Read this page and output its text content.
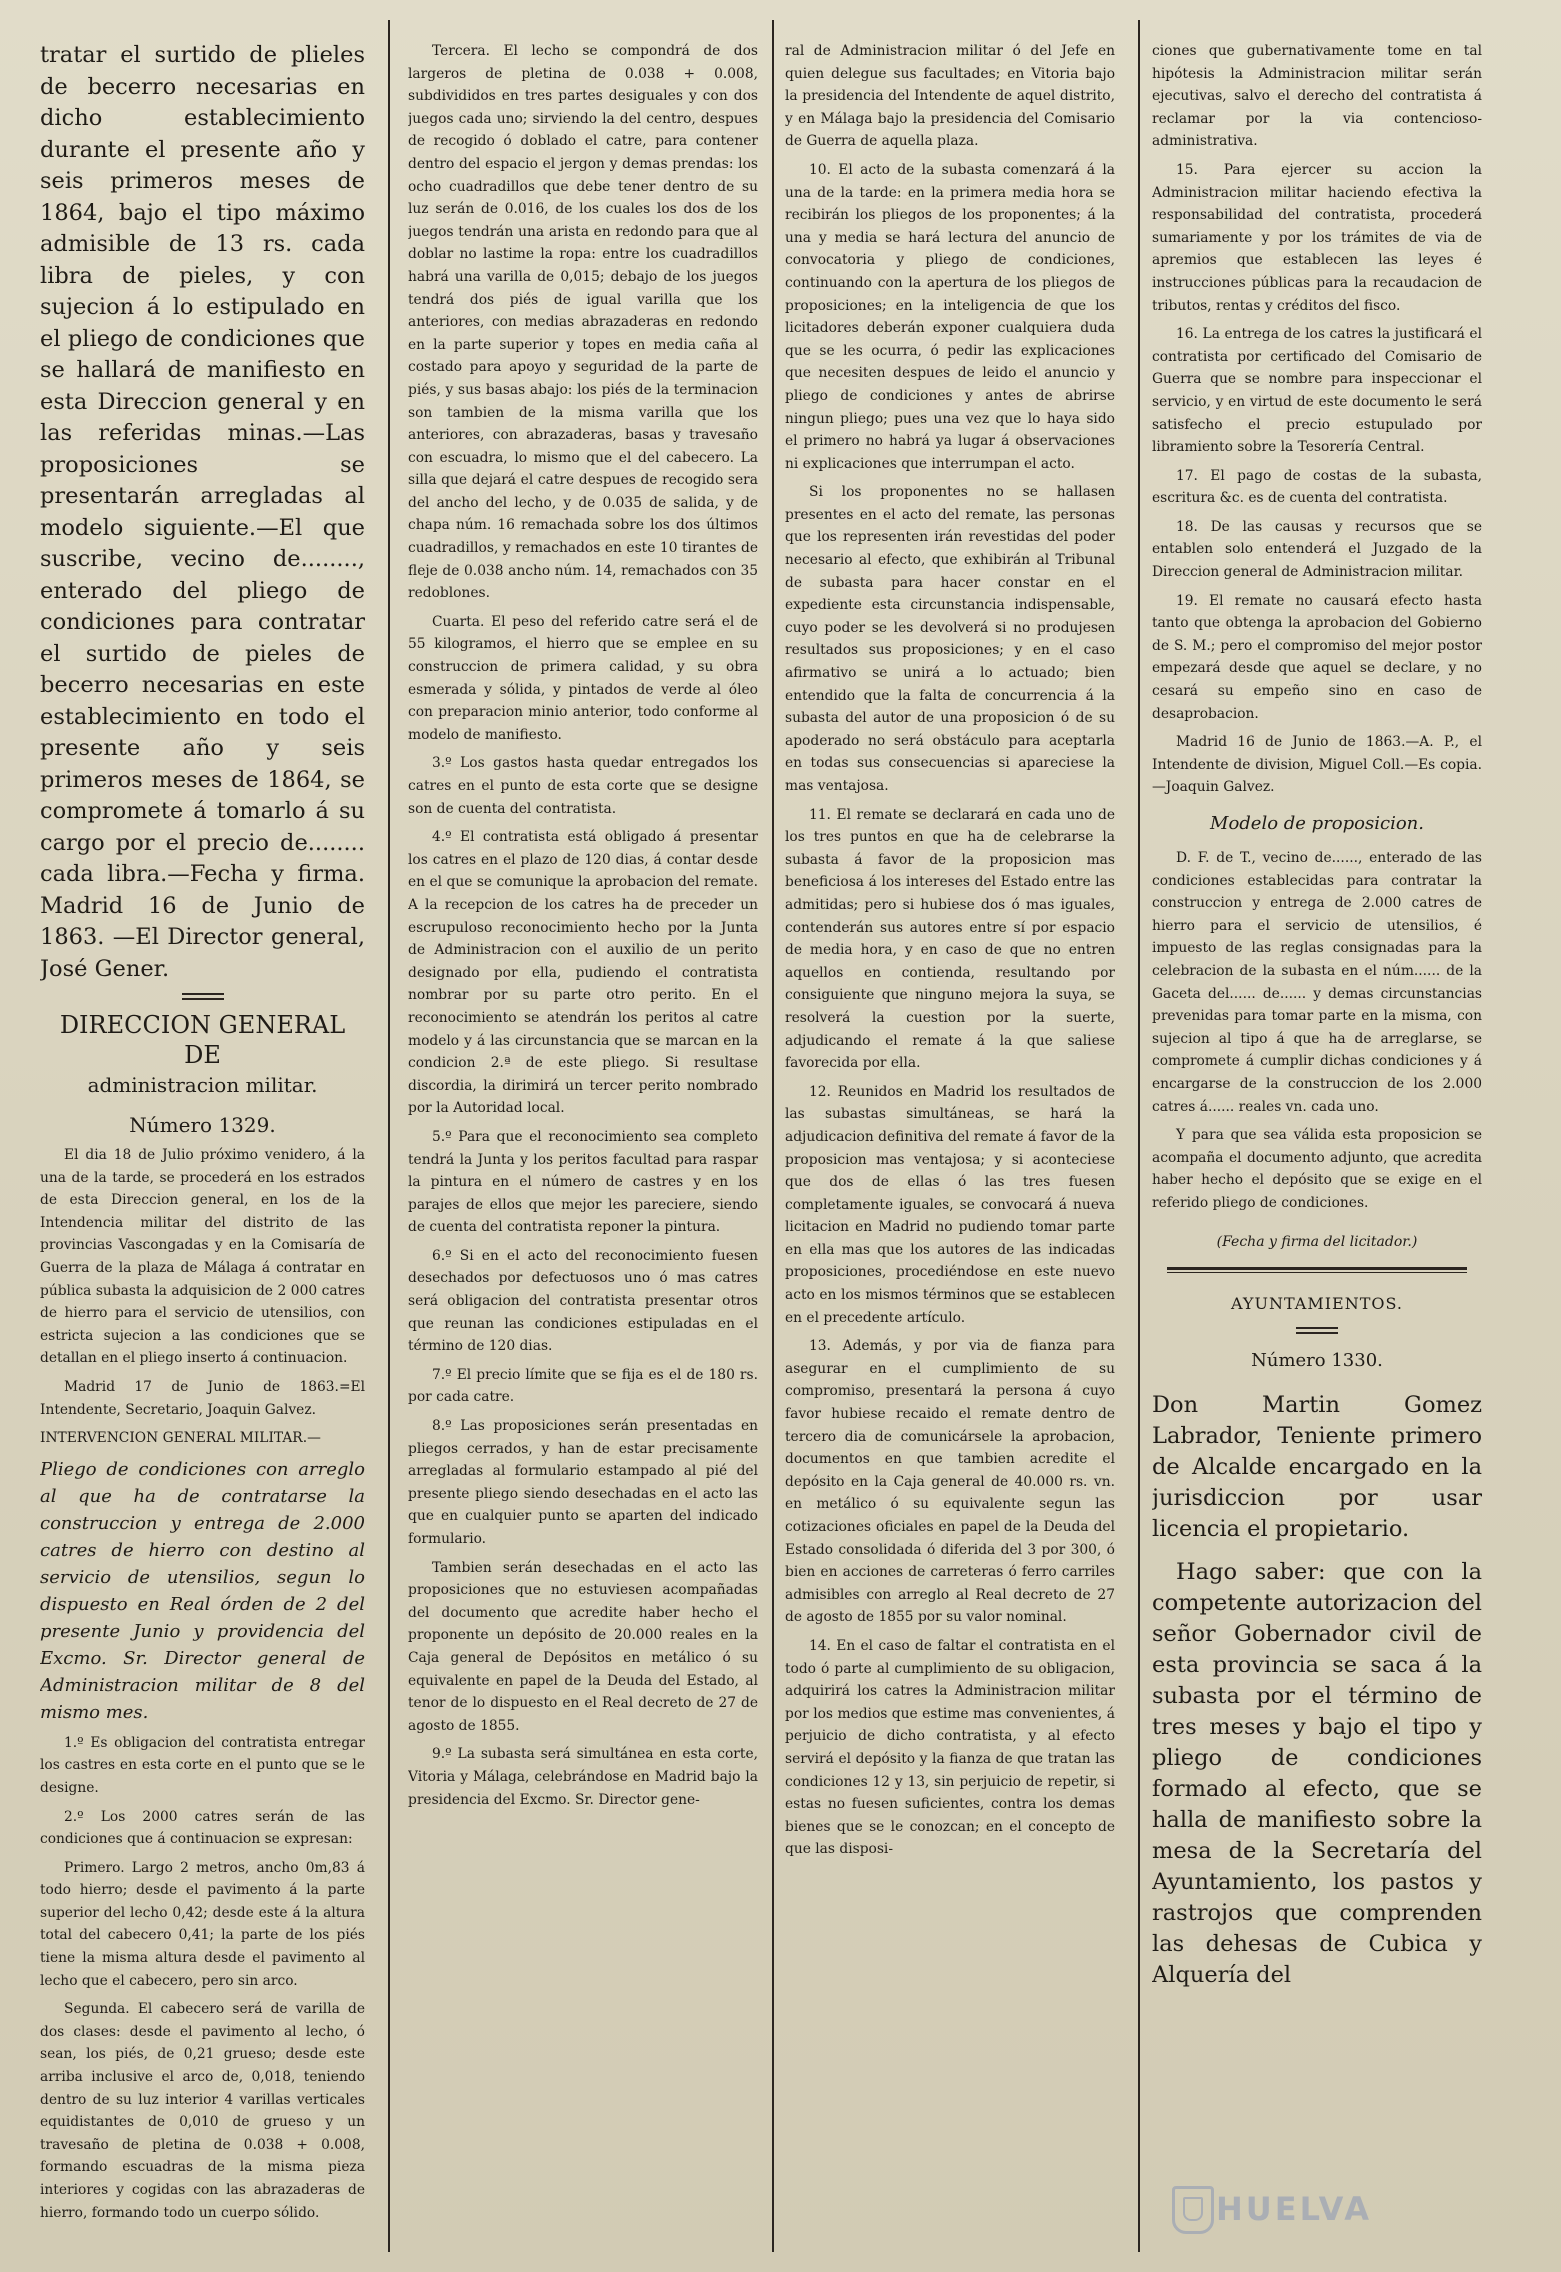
tratar el surtido de plieles de becerro necesarias en dicho establecimiento durante el presente año y seis primeros meses de 1864, bajo el tipo máximo admisible de 13 rs. cada libra de pieles, y con sujecion á lo estipulado en el pliego de condiciones que se hallará de manifiesto en esta Direccion general y en las referidas minas.—Las proposiciones se presentarán arregladas al modelo siguiente.—El que suscribe, vecino de........, enterado del pliego de condiciones para contratar el surtido de pieles de becerro necesarias en este establecimiento en todo el presente año y seis primeros meses de 1864, se compromete á tomarlo á su cargo por el precio de........ cada libra.—Fecha y firma. Madrid 16 de Junio de 1863. —El Director general, José Gener.

DIRECCION GENERAL DE
administracion militar.
Número 1329.

El dia 18 de Julio próximo venidero, á la una de la tarde, se procederá en los estrados de esta Direccion general, en los de la Intendencia militar del distrito de las provincias Vascongadas y en la Comisaría de Guerra de la plaza de Málaga á contratar en pública subasta la adquisicion de 2 000 catres de hierro para el servicio de utensilios, con estricta sujecion a las condiciones que se detallan en el pliego inserto á continuacion.

Madrid 17 de Junio de 1863.=El Intendente, Secretario, Joaquin Galvez.

INTERVENCION GENERAL MILITAR.—

Pliego de condiciones con arreglo al que ha de contratarse la construccion y entrega de 2.000 catres de hierro con destino al servicio de utensilios, segun lo dispuesto en Real órden de 2 del presente Junio y providencia del Excmo. Sr. Director general de Administracion militar de 8 del mismo mes.

1.º Es obligacion del contratista entregar los castres en esta corte en el punto que se le designe.

2.º Los 2000 catres serán de las condiciones que á continuacion se expresan:

Primero. Largo 2 metros, ancho 0m,83 á todo hierro; desde el pavimento á la parte superior del lecho 0,42; desde este á la altura total del cabecero 0,41; la parte de los piés tiene la misma altura desde el pavimento al lecho que el cabecero, pero sin arco.

Segunda. El cabecero será de varilla de dos clases: desde el pavimento al lecho, ó sean, los piés, de 0,21 grueso; desde este arriba inclusive el arco de, 0,018, teniendo dentro de su luz interior 4 varillas verticales equidistantes de 0,010 de grueso y un travesaño de pletina de 0.038 + 0.008, formando escuadras de la misma pieza interiores y cogidas con las abrazaderas de hierro, formando todo un cuerpo sólido.

Tercera. El lecho se compondrá de dos largeros de pletina de 0.038 + 0.008, subdivididos en tres partes desiguales y con dos juegos cada uno; sirviendo la del centro, despues de recogido ó doblado el catre, para contener dentro del espacio el jergon y demas prendas: los ocho cuadradillos que debe tener dentro de su luz serán de 0.016, de los cuales los dos de los juegos tendrán una arista en redondo para que al doblar no lastime la ropa: entre los cuadradillos habrá una varilla de 0,015; debajo de los juegos tendrá dos piés de igual varilla que los anteriores, con medias abrazaderas en redondo en la parte superior y topes en media caña al costado para apoyo y seguridad de la parte de piés, y sus basas abajo: los piés de la terminacion son tambien de la misma varilla que los anteriores, con abrazaderas, basas y travesaño con escuadra, lo mismo que el del cabecero. La silla que dejará el catre despues de recogido sera del ancho del lecho, y de 0.035 de salida, y de chapa núm. 16 remachada sobre los dos últimos cuadradillos, y remachados en este 10 tirantes de fleje de 0.038 ancho núm. 14, remachados con 35 redoblones.

Cuarta. El peso del referido catre será el de 55 kilogramos, el hierro que se emplee en su construccion de primera calidad, y su obra esmerada y sólida, y pintados de verde al óleo con preparacion minio anterior, todo conforme al modelo de manifiesto.

3.º Los gastos hasta quedar entregados los catres en el punto de esta corte que se designe son de cuenta del contratista.

4.º El contratista está obligado á presentar los catres en el plazo de 120 dias, á contar desde en el que se comunique la aprobacion del remate. A la recepcion de los catres ha de preceder un escrupuloso reconocimiento hecho por la Junta de Administracion con el auxilio de un perito designado por ella, pudiendo el contratista nombrar por su parte otro perito. En el reconocimiento se atendrán los peritos al catre modelo y á las circunstancia que se marcan en la condicion 2.ª de este pliego. Si resultase discordia, la dirimirá un tercer perito nombrado por la Autoridad local.

5.º Para que el reconocimiento sea completo tendrá la Junta y los peritos facultad para raspar la pintura en el número de castres y en los parajes de ellos que mejor les pareciere, siendo de cuenta del contratista reponer la pintura.

6.º Si en el acto del reconocimiento fuesen desechados por defectuosos uno ó mas catres será obligacion del contratista presentar otros que reunan las condiciones estipuladas en el término de 120 dias.

7.º El precio límite que se fija es el de 180 rs. por cada catre.

8.º Las proposiciones serán presentadas en pliegos cerrados, y han de estar precisamente arregladas al formulario estampado al pié del presente pliego siendo desechadas en el acto las que en cualquier punto se aparten del indicado formulario.

Tambien serán desechadas en el acto las proposiciones que no estuviesen acompañadas del documento que acredite haber hecho el proponente un depósito de 20.000 reales en la Caja general de Depósitos en metálico ó su equivalente en papel de la Deuda del Estado, al tenor de lo dispuesto en el Real decreto de 27 de agosto de 1855.

9.º La subasta será simultánea en esta corte, Vitoria y Málaga, celebrándose en Madrid bajo la presidencia del Excmo. Sr. Director gene-

ral de Administracion militar ó del Jefe en quien delegue sus facultades; en Vitoria bajo la presidencia del Intendente de aquel distrito, y en Málaga bajo la presidencia del Comisario de Guerra de aquella plaza.

10. El acto de la subasta comenzará á la una de la tarde: en la primera media hora se recibirán los pliegos de los proponentes; á la una y media se hará lectura del anuncio de convocatoria y pliego de condiciones, continuando con la apertura de los pliegos de proposiciones; en la inteligencia de que los licitadores deberán exponer cualquiera duda que se les ocurra, ó pedir las explicaciones que necesiten despues de leido el anuncio y pliego de condiciones y antes de abrirse ningun pliego; pues una vez que lo haya sido el primero no habrá ya lugar á observaciones ni explicaciones que interrumpan el acto.

Si los proponentes no se hallasen presentes en el acto del remate, las personas que los representen irán revestidas del poder necesario al efecto, que exhibirán al Tribunal de subasta para hacer constar en el expediente esta circunstancia indispensable, cuyo poder se les devolverá si no produjesen resultados sus proposiciones; y en el caso afirmativo se unirá a lo actuado; bien entendido que la falta de concurrencia á la subasta del autor de una proposicion ó de su apoderado no será obstáculo para aceptarla en todas sus consecuencias si apareciese la mas ventajosa.

11. El remate se declarará en cada uno de los tres puntos en que ha de celebrarse la subasta á favor de la proposicion mas beneficiosa á los intereses del Estado entre las admitidas; pero si hubiese dos ó mas iguales, contenderán sus autores entre sí por espacio de media hora, y en caso de que no entren aquellos en contienda, resultando por consiguiente que ninguno mejora la suya, se resolverá la cuestion por la suerte, adjudicando el remate á la que saliese favorecida por ella.

12. Reunidos en Madrid los resultados de las subastas simultáneas, se hará la adjudicacion definitiva del remate á favor de la proposicion mas ventajosa; y si aconteciese que dos de ellas ó las tres fuesen completamente iguales, se convocará á nueva licitacion en Madrid no pudiendo tomar parte en ella mas que los autores de las indicadas proposiciones, procediéndose en este nuevo acto en los mismos términos que se establecen en el precedente artículo.

13. Además, y por via de fianza para asegurar en el cumplimiento de su compromiso, presentará la persona á cuyo favor hubiese recaido el remate dentro de tercero dia de comunicársele la aprobacion, documentos en que tambien acredite el depósito en la Caja general de 40.000 rs. vn. en metálico ó su equivalente segun las cotizaciones oficiales en papel de la Deuda del Estado consolidada ó diferida del 3 por 300, ó bien en acciones de carreteras ó ferro carriles admisibles con arreglo al Real decreto de 27 de agosto de 1855 por su valor nominal.

14. En el caso de faltar el contratista en el todo ó parte al cumplimiento de su obligacion, adquirirá los catres la Administracion militar por los medios que estime mas convenientes, á perjuicio de dicho contratista, y al efecto servirá el depósito y la fianza de que tratan las condiciones 12 y 13, sin perjuicio de repetir, si estas no fuesen suficientes, contra los demas bienes que se le conozcan; en el concepto de que las disposi-

ciones que gubernativamente tome en tal hipótesis la Administracion militar serán ejecutivas, salvo el derecho del contratista á reclamar por la via contencioso-administrativa.

15. Para ejercer su accion la Administracion militar haciendo efectiva la responsabilidad del contratista, procederá sumariamente y por los trámites de via de apremios que establecen las leyes é instrucciones públicas para la recaudacion de tributos, rentas y créditos del fisco.

16. La entrega de los catres la justificará el contratista por certificado del Comisario de Guerra que se nombre para inspeccionar el servicio, y en virtud de este documento le será satisfecho el precio estupulado por libramiento sobre la Tesorería Central.

17. El pago de costas de la subasta, escritura &c. es de cuenta del contratista.

18. De las causas y recursos que se entablen solo entenderá el Juzgado de la Direccion general de Administracion militar.

19. El remate no causará efecto hasta tanto que obtenga la aprobacion del Gobierno de S. M.; pero el compromiso del mejor postor empezará desde que aquel se declare, y no cesará su empeño sino en caso de desaprobacion.

Madrid 16 de Junio de 1863.—A. P., el Intendente de division, Miguel Coll.—Es copia.—Joaquin Galvez.

Modelo de proposicion.

D. F. de T., vecino de......, enterado de las condiciones establecidas para contratar la construccion y entrega de 2.000 catres de hierro para el servicio de utensilios, é impuesto de las reglas consignadas para la celebracion de la subasta en el núm...... de la Gaceta del...... de...... y demas circunstancias prevenidas para tomar parte en la misma, con sujecion al tipo á que ha de arreglarse, se compromete á cumplir dichas condiciones y á encargarse de la construccion de los 2.000 catres á...... reales vn. cada uno.

Y para que sea válida esta proposicion se acompaña el documento adjunto, que acredita haber hecho el depósito que se exige en el referido pliego de condiciones.

(Fecha y firma del licitador.)
AYUNTAMIENTOS.
Número 1330.

Don Martin Gomez Labrador, Teniente primero de Alcalde encargado en la jurisdiccion por usar licencia el propietario.

Hago saber: que con la competente autorizacion del señor Gobernador civil de esta provincia se saca á la subasta por el término de tres meses y bajo el tipo y pliego de condiciones formado al efecto, que se halla de manifiesto sobre la mesa de la Secretaría del Ayuntamiento, los pastos y rastrojos que comprenden las dehesas de Cubica y Alquería del

HUELVA
